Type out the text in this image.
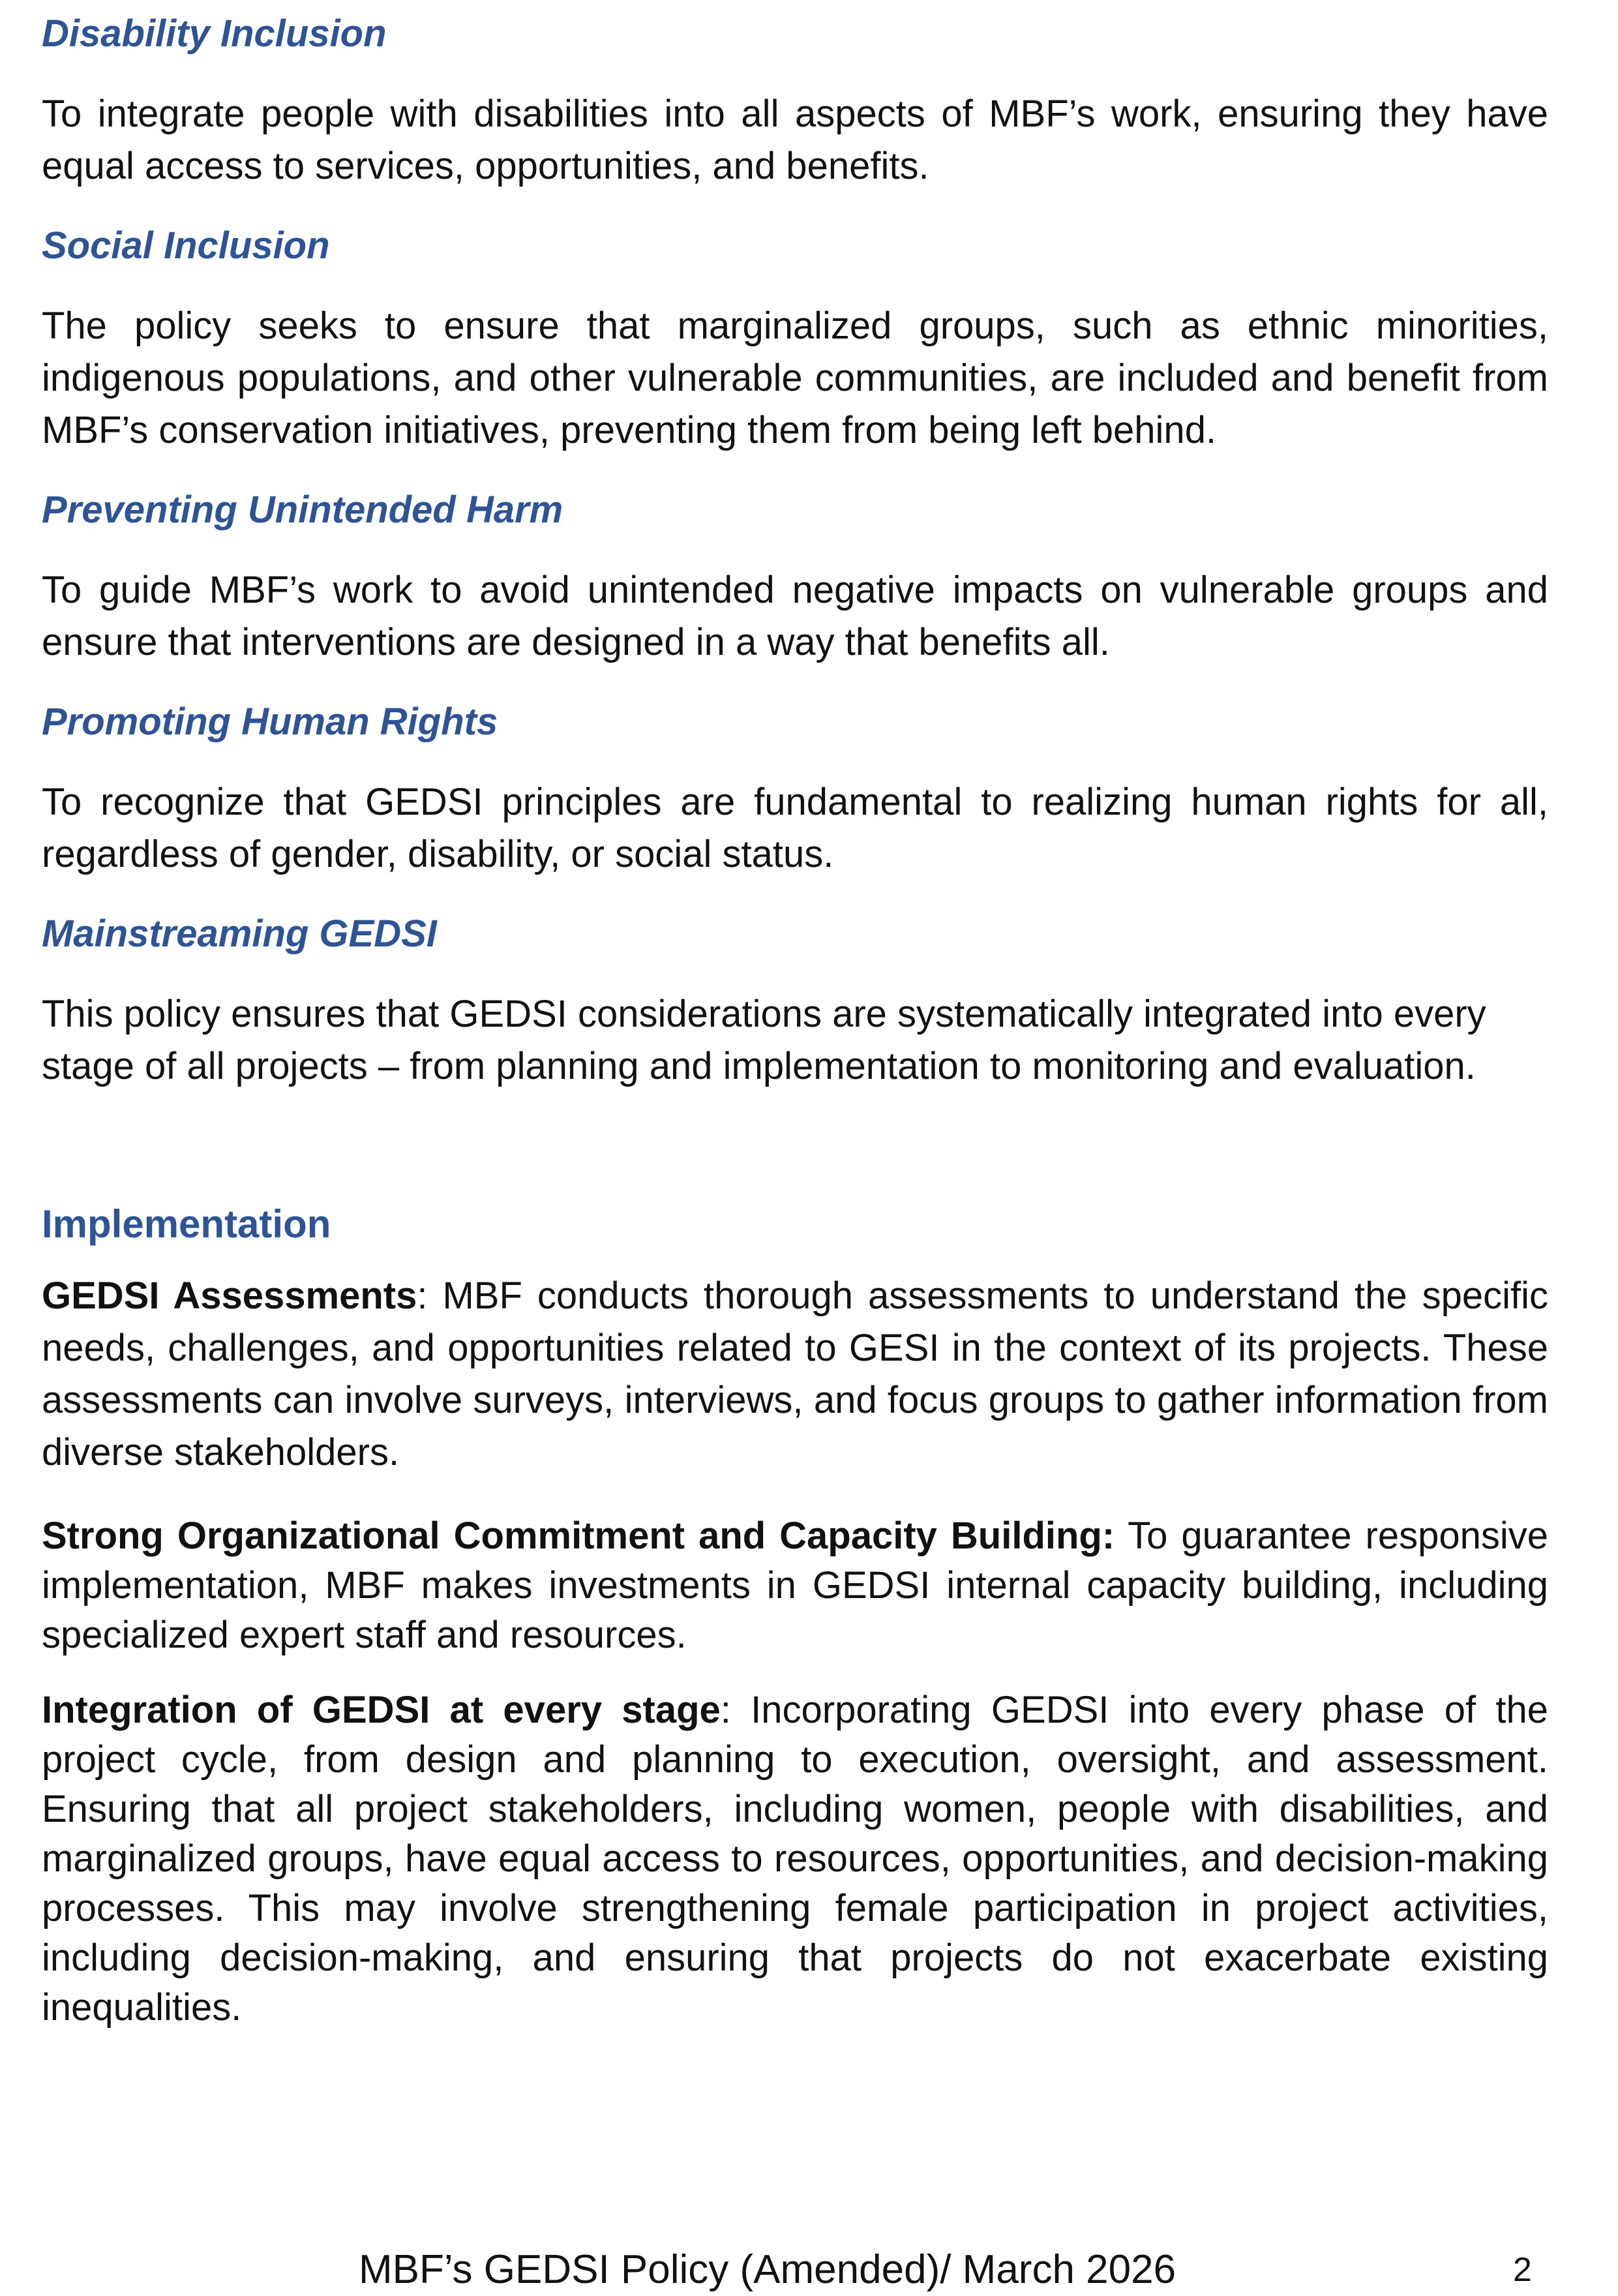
Disability Inclusion

To integrate people with disabilities into all aspects of MBF’s work, ensuring they have equal access to services, opportunities, and benefits.

Social Inclusion

The policy seeks to ensure that marginalized groups, such as ethnic minorities, indigenous populations, and other vulnerable communities, are included and benefit from MBF’s conservation initiatives, preventing them from being left behind.

Preventing Unintended Harm

To guide MBF’s work to avoid unintended negative impacts on vulnerable groups and ensure that interventions are designed in a way that benefits all.

Promoting Human Rights

To recognize that GEDSI principles are fundamental to realizing human rights for all, regardless of gender, disability, or social status.

Mainstreaming GEDSI

This policy ensures that GEDSI considerations are systematically integrated into every stage of all projects – from planning and implementation to monitoring and evaluation.

Implementation

GEDSI Assessments: MBF conducts thorough assessments to understand the specific needs, challenges, and opportunities related to GESI in the context of its projects. These assessments can involve surveys, interviews, and focus groups to gather information from diverse stakeholders.

Strong Organizational Commitment and Capacity Building: To guarantee responsive implementation, MBF makes investments in GEDSI internal capacity building, including specialized expert staff and resources.

Integration of GEDSI at every stage: Incorporating GEDSI into every phase of the project cycle, from design and planning to execution, oversight, and assessment. Ensuring that all project stakeholders, including women, people with disabilities, and marginalized groups, have equal access to resources, opportunities, and decision-making processes. This may involve strengthening female participation in project activities, including decision-making, and ensuring that projects do not exacerbate existing inequalities.

MBF’s GEDSI Policy (Amended)/ March 2026	2
